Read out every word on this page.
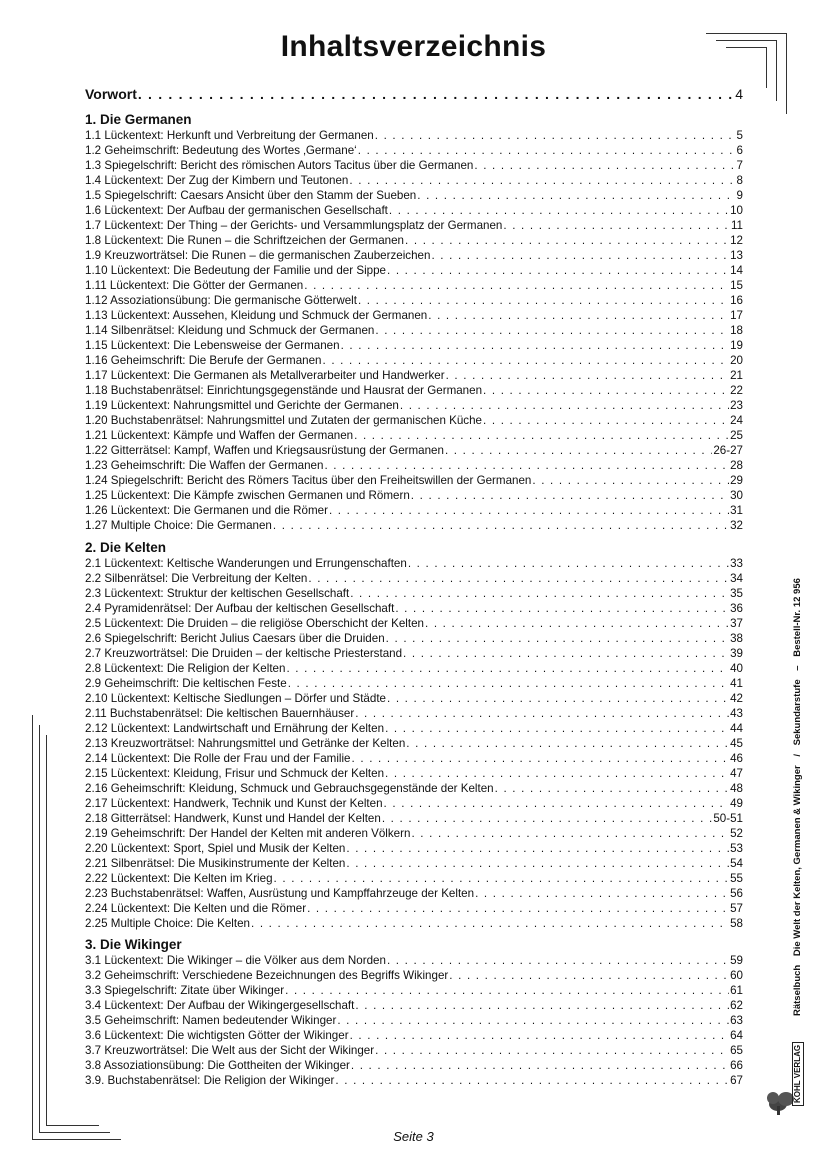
Inhaltsverzeichnis
Vorwort . . .	4
1. Die Germanen
1.1 Lückentext: Herkunft und Verbreitung der Germanen . . .	5
1.2 Geheimschrift: Bedeutung des Wortes ‚Germane‘ . . .	6
1.3 Spiegelschrift: Bericht des römischen Autors Tacitus über die Germanen . . .	7
1.4 Lückentext: Der Zug der Kimbern und Teutonen . . .	8
1.5 Spiegelschrift: Caesars Ansicht über den Stamm der Sueben . . .	9
1.6 Lückentext: Der Aufbau der germanischen Gesellschaft . . .	10
1.7 Lückentext: Der Thing – der Gerichts- und Versammlungsplatz der Germanen . . .	11
1.8 Lückentext: Die Runen – die Schriftzeichen der Germanen . . .	12
1.9 Kreuzworträtsel: Die Runen – die germanischen Zauberzeichen . . .	13
1.10 Lückentext: Die Bedeutung der Familie und der Sippe . . .	14
1.11 Lückentext: Die Götter der Germanen . . .	15
1.12 Assoziationsübung: Die germanische Götterwelt . . .	16
1.13 Lückentext: Aussehen, Kleidung und Schmuck der Germanen . . .	17
1.14 Silbenrätsel: Kleidung und Schmuck der Germanen . . .	18
1.15 Lückentext: Die Lebensweise der Germanen . . .	19
1.16 Geheimschrift: Die Berufe der Germanen . . .	20
1.17 Lückentext: Die Germanen als Metallverarbeiter und Handwerker . . .	21
1.18 Buchstabenrätsel: Einrichtungsgegenstände und Hausrat der Germanen . . .	22
1.19 Lückentext: Nahrungsmittel und Gerichte der Germanen . . .	23
1.20 Buchstabenrätsel: Nahrungsmittel und Zutaten der germanischen Küche . . .	24
1.21 Lückentext: Kämpfe und Waffen der Germanen . . .	25
1.22 Gitterrätsel: Kampf, Waffen und Kriegsausrüstung der Germanen . . .	26-27
1.23 Geheimschrift: Die Waffen der Germanen . . .	28
1.24 Spiegelschrift: Bericht des Römers Tacitus über den Freiheitswillen der Germanen . . .	29
1.25 Lückentext: Die Kämpfe zwischen Germanen und Römern . . .	30
1.26 Lückentext: Die Germanen und die Römer . . .	31
1.27 Multiple Choice: Die Germanen . . .	32
2. Die Kelten
2.1 Lückentext: Keltische Wanderungen und Errungenschaften . . .	33
2.2 Silbenrätsel: Die Verbreitung der Kelten . . .	34
2.3 Lückentext: Struktur der keltischen Gesellschaft . . .	35
2.4 Pyramidenrätsel: Der Aufbau der keltischen Gesellschaft . . .	36
2.5 Lückentext: Die Druiden – die religiöse Oberschicht der Kelten . . .	37
2.6 Spiegelschrift: Bericht Julius Caesars über die Druiden . . .	38
2.7 Kreuzworträtsel: Die Druiden – der keltische Priesterstand . . .	39
2.8 Lückentext: Die Religion der Kelten . . .	40
2.9 Geheimschrift: Die keltischen Feste . . .	41
2.10 Lückentext: Keltische Siedlungen – Dörfer und Städte . . .	42
2.11 Buchstabenrätsel: Die keltischen Bauernhäuser . . .	43
2.12 Lückentext: Landwirtschaft und Ernährung der Kelten . . .	44
2.13 Kreuzworträtsel: Nahrungsmittel und Getränke der Kelten . . .	45
2.14 Lückentext: Die Rolle der Frau und der Familie . . .	46
2.15 Lückentext: Kleidung, Frisur und Schmuck der Kelten . . .	47
2.16 Geheimschrift: Kleidung, Schmuck und Gebrauchsgegenstände der Kelten . . .	48
2.17 Lückentext: Handwerk, Technik und Kunst der Kelten . . .	49
2.18 Gitterrätsel: Handwerk, Kunst und Handel der Kelten . . .	50-51
2.19 Geheimschrift: Der Handel der Kelten mit anderen Völkern . . .	52
2.20 Lückentext: Sport, Spiel und Musik der Kelten . . .	53
2.21 Silbenrätsel: Die Musikinstrumente der Kelten . . .	54
2.22 Lückentext: Die Kelten im Krieg . . .	55
2.23 Buchstabenrätsel: Waffen, Ausrüstung und Kampffahrzeuge der Kelten . . .	56
2.24 Lückentext: Die Kelten und die Römer . . .	57
2.25 Multiple Choice: Die Kelten . . .	58
3. Die Wikinger
3.1 Lückentext: Die Wikinger – die Völker aus dem Norden . . .	59
3.2 Geheimschrift: Verschiedene Bezeichnungen des Begriffs Wikinger . . .	60
3.3 Spiegelschrift: Zitate über Wikinger . . .	61
3.4 Lückentext: Der Aufbau der Wikingergesellschaft . . .	62
3.5 Geheimschrift: Namen bedeutender Wikinger . . .	63
3.6 Lückentext: Die wichtigsten Götter der Wikinger . . .	64
3.7 Kreuzworträtsel: Die Welt aus der Sicht der Wikinger . . .	65
3.8 Assoziationsübung: Die Gottheiten der Wikinger . . .	66
3.9. Buchstabenrätsel: Die Religion der Wikinger . . .	67
Rätselbuch Die Welt der Kelten, Germanen & Wikinger / Sekundarstufe – Bestell-Nr. 12 956
KOHL VERLAG
Seite 3
